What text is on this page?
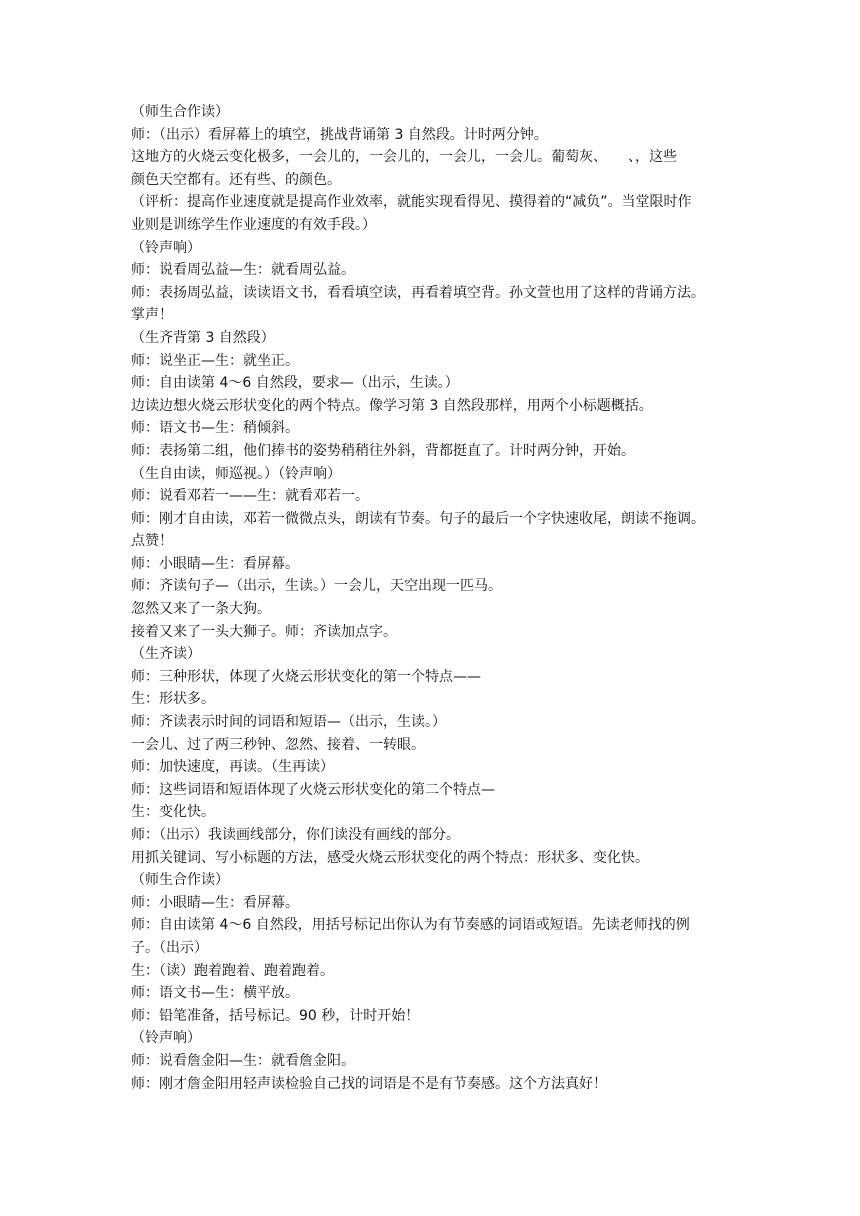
（师生合作读）
师：（出示）看屏幕上的填空，挑战背诵第 3 自然段。计时两分钟。
这地方的火烧云变化极多，一会儿的，一会儿的，一会儿，一会儿。葡萄灰、　　、，这些
颜色天空都有。还有些、的颜色。
（评析：提高作业速度就是提高作业效率，就能实现看得见、摸得着的“减负”。当堂限时作
业则是训练学生作业速度的有效手段。）
（铃声响）
师：说看周弘益—生：就看周弘益。
师：表扬周弘益，读读语文书，看看填空读，再看着填空背。孙文萱也用了这样的背诵方法。
掌声！
（生齐背第 3 自然段）
师：说坐正—生：就坐正。
师：自由读第 4～6 自然段，要求—（出示，生读。）
边读边想火烧云形状变化的两个特点。像学习第 3 自然段那样，用两个小标题概括。
师：语文书—生：稍倾斜。
师：表扬第二组，他们捧书的姿势稍稍往外斜，背都挺直了。计时两分钟，开始。
（生自由读，师巡视。）（铃声响）
师：说看邓若一——生：就看邓若一。
师：刚才自由读，邓若一微微点头，朗读有节奏。句子的最后一个字快速收尾，朗读不拖调。
点赞！
师：小眼睛—生：看屏幕。
师：齐读句子—（出示，生读。）一会儿，天空出现一匹马。
忽然又来了一条大狗。
接着又来了一头大狮子。师：齐读加点字。
（生齐读）
师：三种形状，体现了火烧云形状变化的第一个特点——
生：形状多。
师：齐读表示时间的词语和短语—（出示，生读。）
一会儿、过了两三秒钟、忽然、接着、一转眼。
师：加快速度，再读。（生再读）
师：这些词语和短语体现了火烧云形状变化的第二个特点—
生：变化快。
师：（出示）我读画线部分，你们读没有画线的部分。
用抓关键词、写小标题的方法，感受火烧云形状变化的两个特点：形状多、变化快。
（师生合作读）
师：小眼睛—生：看屏幕。
师：自由读第 4～6 自然段，用括号标记出你认为有节奏感的词语或短语。先读老师找的例
子。（出示）
生：（读）跑着跑着、跑着跑着。
师：语文书—生：横平放。
师：铅笔准备，括号标记。90 秒，计时开始！
（铃声响）
师：说看詹金阳—生：就看詹金阳。
师：刚才詹金阳用轻声读检验自己找的词语是不是有节奏感。这个方法真好！
